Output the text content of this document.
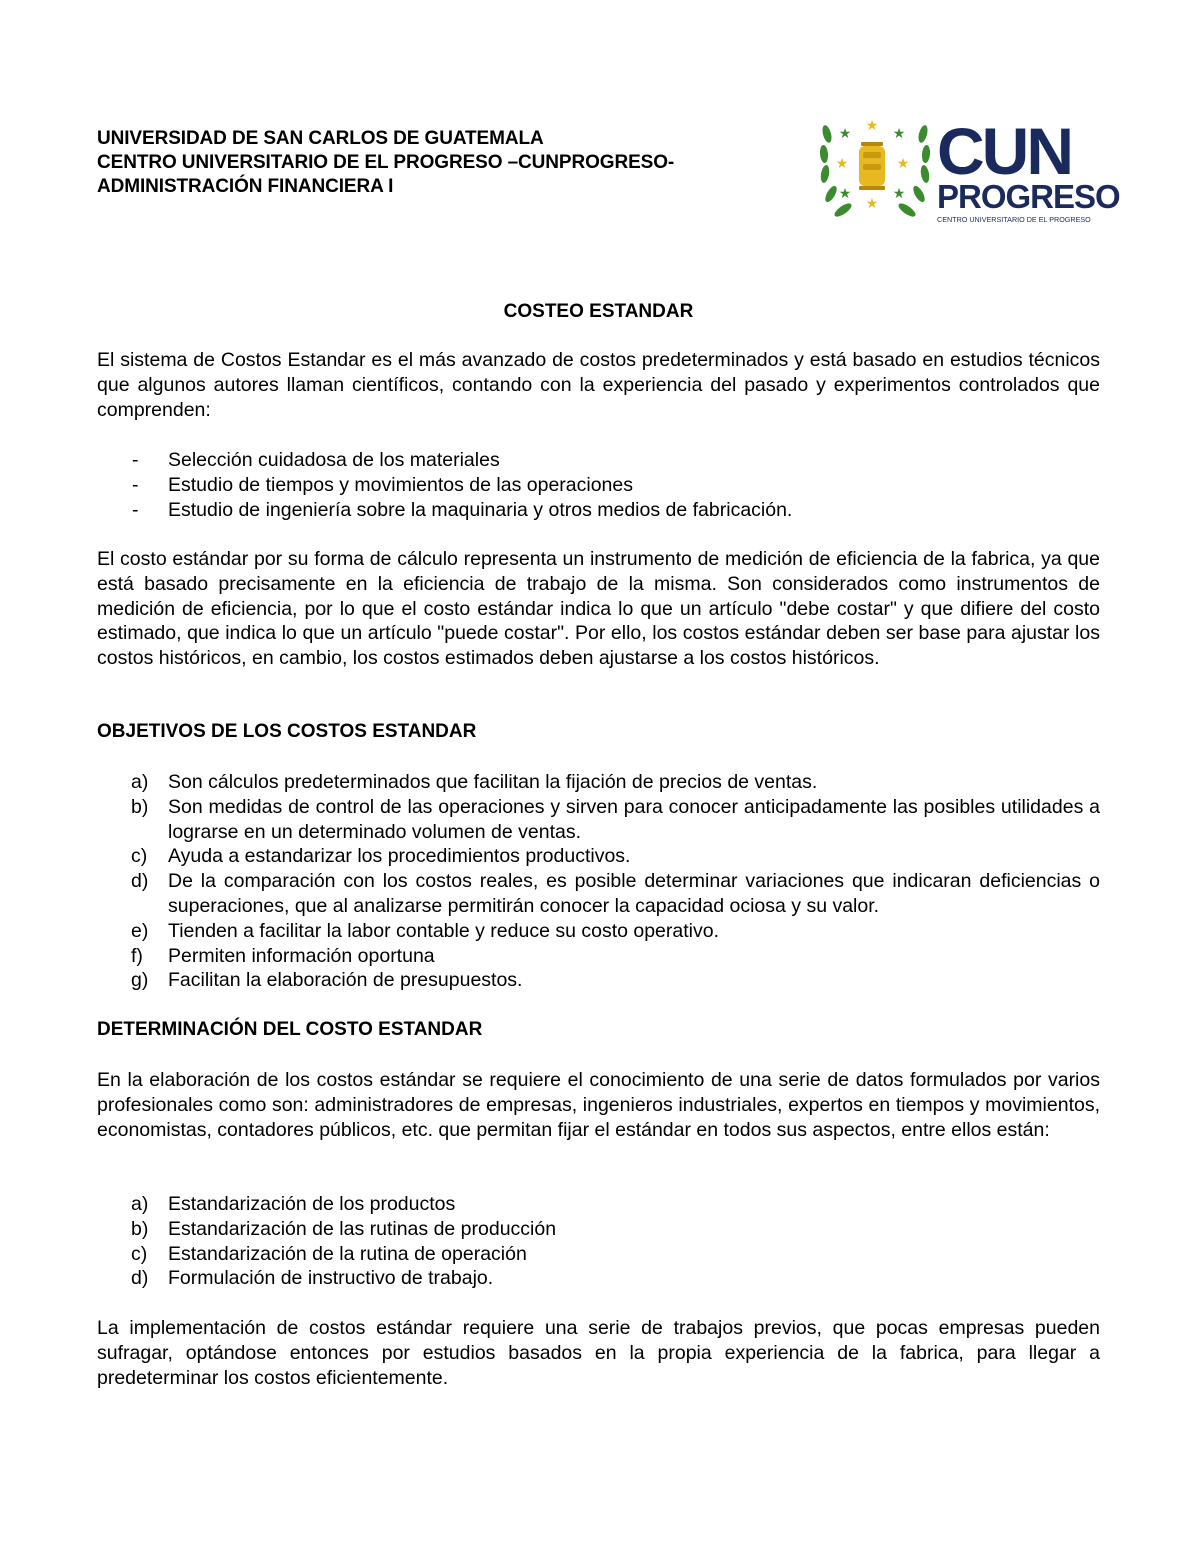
UNIVERSIDAD DE SAN CARLOS DE GUATEMALA
CENTRO UNIVERSITARIO DE EL PROGRESO –CUNPROGRESO-
ADMINISTRACIÓN FINANCIERA I
★ ★ ★
★	★
★
★
★
CUN
PROGRESO
CENTRO UNIVERSITARIO DE EL PROGRESO
COSTEO ESTANDAR

El sistema de Costos Estandar es el más avanzado de costos predeterminados y está basado en estudios técnicos que algunos autores llaman científicos, contando con la experiencia del pasado y experimentos controlados que comprenden:

- Selección cuidadosa de los materiales
- Estudio de tiempos y movimientos de las operaciones
- Estudio de ingeniería sobre la maquinaria y otros medios de fabricación.

El costo estándar por su forma de cálculo representa un instrumento de medición de eficiencia de la fabrica, ya que está basado precisamente en la eficiencia de trabajo de la misma. Son considerados como instrumentos de medición de eficiencia, por lo que el costo estándar indica lo que un artículo "debe costar" y que difiere del costo estimado, que indica lo que un artículo "puede costar". Por ello, los costos estándar deben ser base para ajustar los costos históricos, en cambio, los costos estimados deben ajustarse a los costos históricos.

OBJETIVOS DE LOS COSTOS ESTANDAR
a) Son cálculos predeterminados que facilitan la fijación de precios de ventas.
b) Son medidas de control de las operaciones y sirven para conocer anticipadamente las posibles utilidades a lograrse en un determinado volumen de ventas.
c) Ayuda a estandarizar los procedimientos productivos.
d) De la comparación con los costos reales, es posible determinar variaciones que indicaran deficiencias o superaciones, que al analizarse permitirán conocer la capacidad ociosa y su valor.
e) Tienden a facilitar la labor contable y reduce su costo operativo.
f) Permiten información oportuna
g) Facilitan la elaboración de presupuestos.
DETERMINACIÓN DEL COSTO ESTANDAR

En la elaboración de los costos estándar se requiere el conocimiento de una serie de datos formulados por varios profesionales como son: administradores de empresas, ingenieros industriales, expertos en tiempos y movimientos, economistas, contadores públicos, etc. que permitan fijar el estándar en todos sus aspectos, entre ellos están:

a) Estandarización de los productos
b) Estandarización de las rutinas de producción
c) Estandarización de la rutina de operación
d) Formulación de instructivo de trabajo.

La implementación de costos estándar requiere una serie de trabajos previos, que pocas empresas pueden sufragar, optándose entonces por estudios basados en la propia experiencia de la fabrica, para llegar a predeterminar los costos eficientemente.
